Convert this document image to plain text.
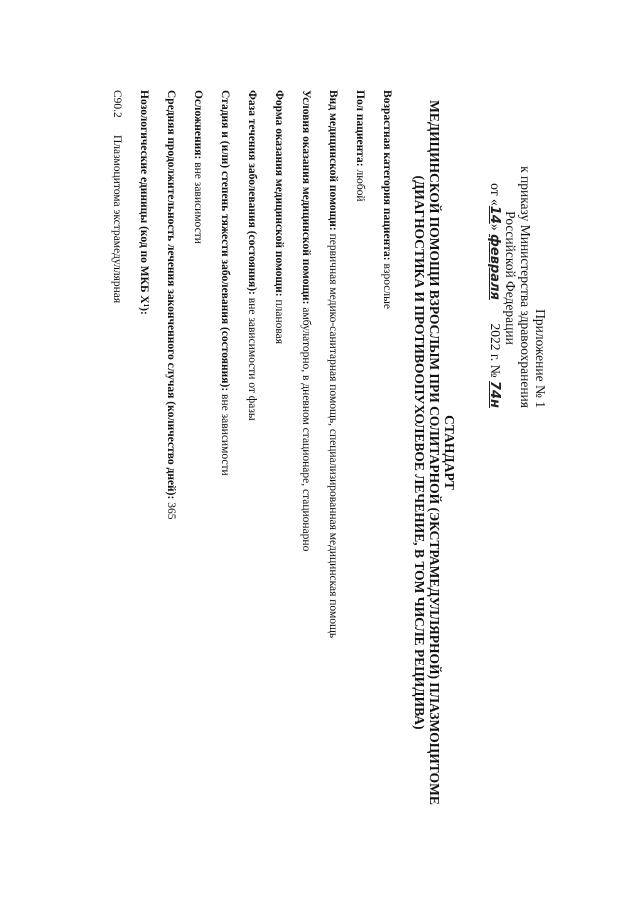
Приложение № 1
к приказу Министерства здравоохранения
Российской Федерации
от «14» февраля       2022 г. № 74н
СТАНДАРТ
МЕДИЦИНСКОЙ ПОМОЩИ ВЗРОСЛЫМ ПРИ СОЛИТАРНОЙ (ЭКСТРАМЕДУЛЛЯРНОЙ) ПЛАЗМОЦИТОМЕ
(ДИАГНОСТИКА И ПРОТИВООПУХОЛЕВОЕ ЛЕЧЕНИЕ, В ТОМ ЧИСЛЕ РЕЦИДИВА)
Возрастная категория пациента: взрослые
Пол пациента: любой
Вид медицинской помощи: первичная медико-санитарная помощь, специализированная медицинская помощь
Условия оказания медицинской помощи: амбулаторно, в дневном стационаре, стационарно
Форма оказания медицинской помощи: плановая
Фаза течения заболевания (состояния): вне зависимости от фазы
Стадия и (или) степень тяжести заболевания (состояния): вне зависимости
Осложнения: вне зависимости
Средняя продолжительность лечения законченного случая (количество дней): 365
Нозологические единицы (код по МКБ X¹):
C90.2Плазмоцитома экстрамедуллярная
